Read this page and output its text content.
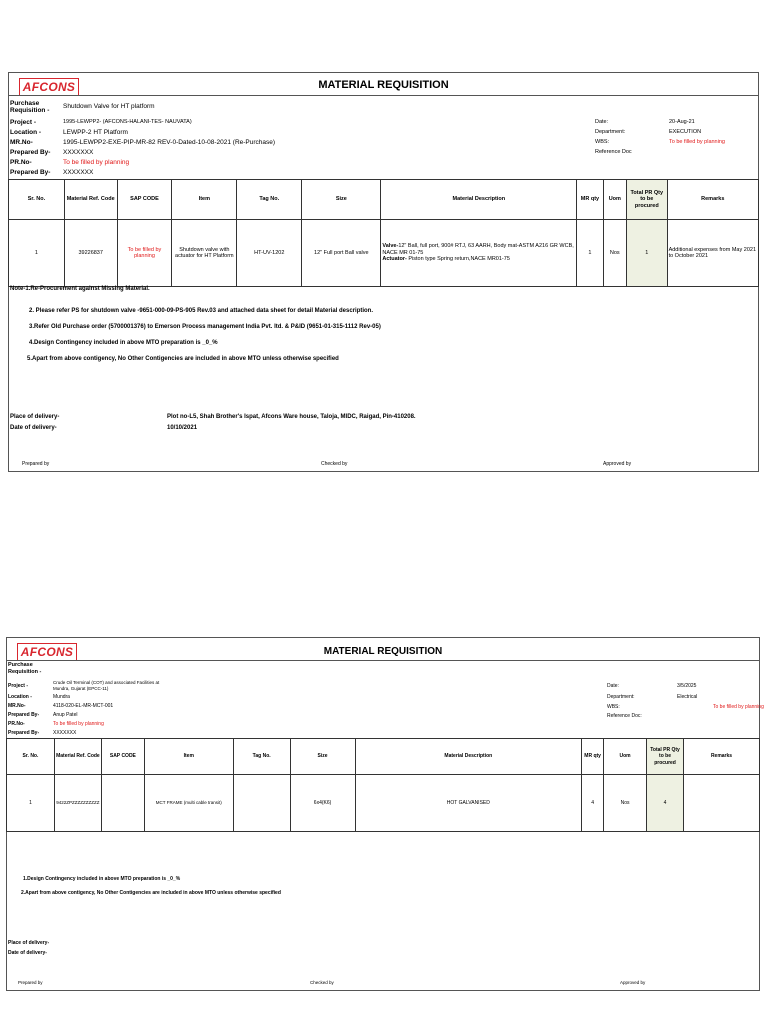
AFCONS	MATERIAL REQUISITION
Purchase Requisition -
Shutdown Valve for HT platform
Project -	1995-LEWPP2- (AFCONS-HALANI-TES- NAUVATA)
Location -	LEWPP-2 HT Platform
MR.No-	1995-LEWPP2-EXE-PIP-MR-82 REV-0-Dated-10-08-2021 (Re-Purchase)
Prepared By- XXXXXXX
PR.No-	To be filled by planning
Prepared By- XXXXXXX
Date:	20-Aug-21
Department:	EXECUTION
WBS:	To be filled by planning
Reference Doc
Sr. No.	Material Ref. Code	SAP CODE	Item	Tag No.	Size	Material Description	MR qty	Uom	Total PR Qty to be procured	Remarks
1	39226837	To be filled by planning	Shutdown valve with actuator for HT Platform	HT-UV-1202	12" Full port Ball valve	Valve-12" Ball, full port, 900# RTJ, 63 AARH, Body mat-ASTM A216 GR WCB, NACE MR 01-75
Actuator- Piston type Spring return,NACE MR01-75	1	Nos	1	Additional expenses from May 2021 to October 2021
Note-1.Re-Procurement against Missing Material.
2. Please refer PS for shutdown valve -9651-000-09-PS-905 Rev.03 and attached data sheet for detail Material description.
3.Refer Old Purchase order (5700001376) to Emerson Process management India Pvt. ltd. & P&ID (9651-01-315-1112 Rev-05)
4.Design Contingency included in above MTO preparation is _0_%
5.Apart from above contigency, No Other Contigencies are included in above MTO unless otherwise specified
Place of delivery-	Plot no-L5, Shah Brother's Ispat, Afcons Ware house, Taloja, MIDC, Raigad, Pin-410208.
Date of delivery-	10/10/2021
Prepared by	Checked by	Approved by
AFCONS	MATERIAL REQUISITION
Purchase Requisition -
Project -
Crude Oil Terminal (COT) and associated Facilities at Mundra, Gujarat (EPCC-11)
Location -	Mundra
MR.No-	4118-020-EL-MR-MCT-001
Prepared By-	Anup Patel
PR.No-	To be filled by planning
Prepared By-	XXXXXXX
Date:	3/5/2025
Department:	Electrical
WBS:	To be filled by planning
Reference Doc:
Sr. No.	Material Ref. Code	SAP CODE	Item	Tag No.	Size	Material Description	MR qty	Uom	Total PR Qty to be procured	Remarks
1	9422ZPZZZZZZZZZZ		MCT FRAME (multi cable transit)		6x4(K6)	HOT GALVANISED	4	Nos	4	
1.Design Contingency included in above MTO preparation is _0_%
2.Apart from above contigency, No Other Contigencies are included in above MTO unless otherwise specified
Place of delivery-
Date of delivery-
Prepared by	Checked by	Approved by
